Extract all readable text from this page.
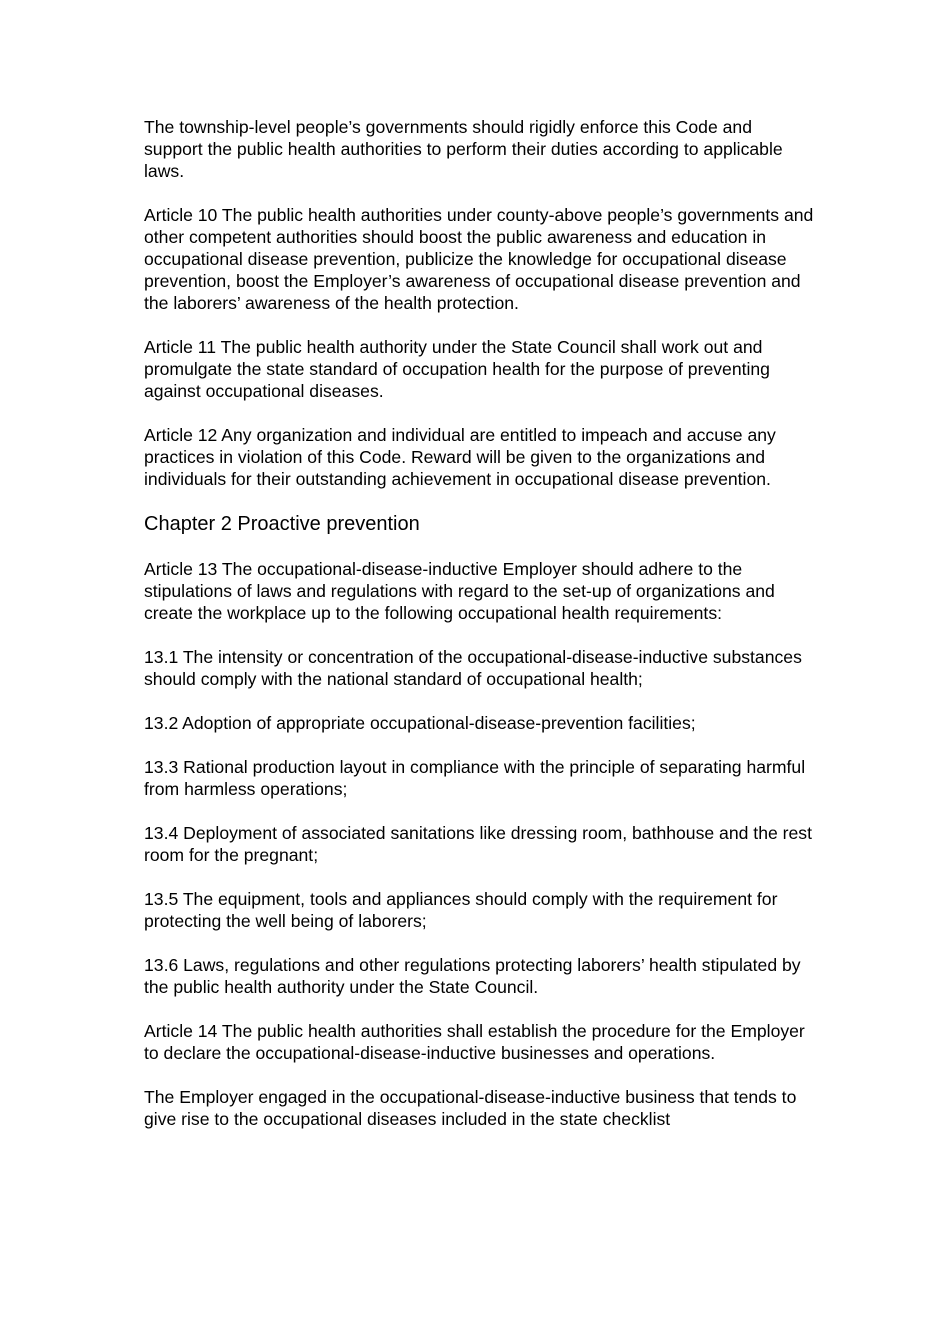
The township-level people’s governments should rigidly enforce this Code and support the public health authorities to perform their duties according to applicable laws.

Article 10 The public health authorities under county-above people’s governments and other competent authorities should boost the public awareness and education in occupational disease prevention, publicize the knowledge for occupational disease prevention, boost the Employer’s awareness of occupational disease prevention and the laborers’ awareness of the health protection.

Article 11 The public health authority under the State Council shall work out and promulgate the state standard of occupation health for the purpose of preventing against occupational diseases.

Article 12 Any organization and individual are entitled to impeach and accuse any practices in violation of this Code. Reward will be given to the organizations and individuals for their outstanding achievement in occupational disease prevention.

Chapter 2 Proactive prevention

Article 13 The occupational-disease-inductive Employer should adhere to the stipulations of laws and regulations with regard to the set-up of organizations and create the workplace up to the following occupational health requirements:

13.1 The intensity or concentration of the occupational-disease-inductive substances should comply with the national standard of occupational health;

13.2 Adoption of appropriate occupational-disease-prevention facilities;

13.3 Rational production layout in compliance with the principle of separating harmful from harmless operations;

13.4 Deployment of associated sanitations like dressing room, bathhouse and the rest room for the pregnant;

13.5 The equipment, tools and appliances should comply with the requirement for protecting the well being of laborers;

13.6 Laws, regulations and other regulations protecting laborers’ health stipulated by the public health authority under the State Council.

Article 14 The public health authorities shall establish the procedure for the Employer to declare the occupational-disease-inductive businesses and operations.

The Employer engaged in the occupational-disease-inductive business that tends to give rise to the occupational diseases included in the state checklist
